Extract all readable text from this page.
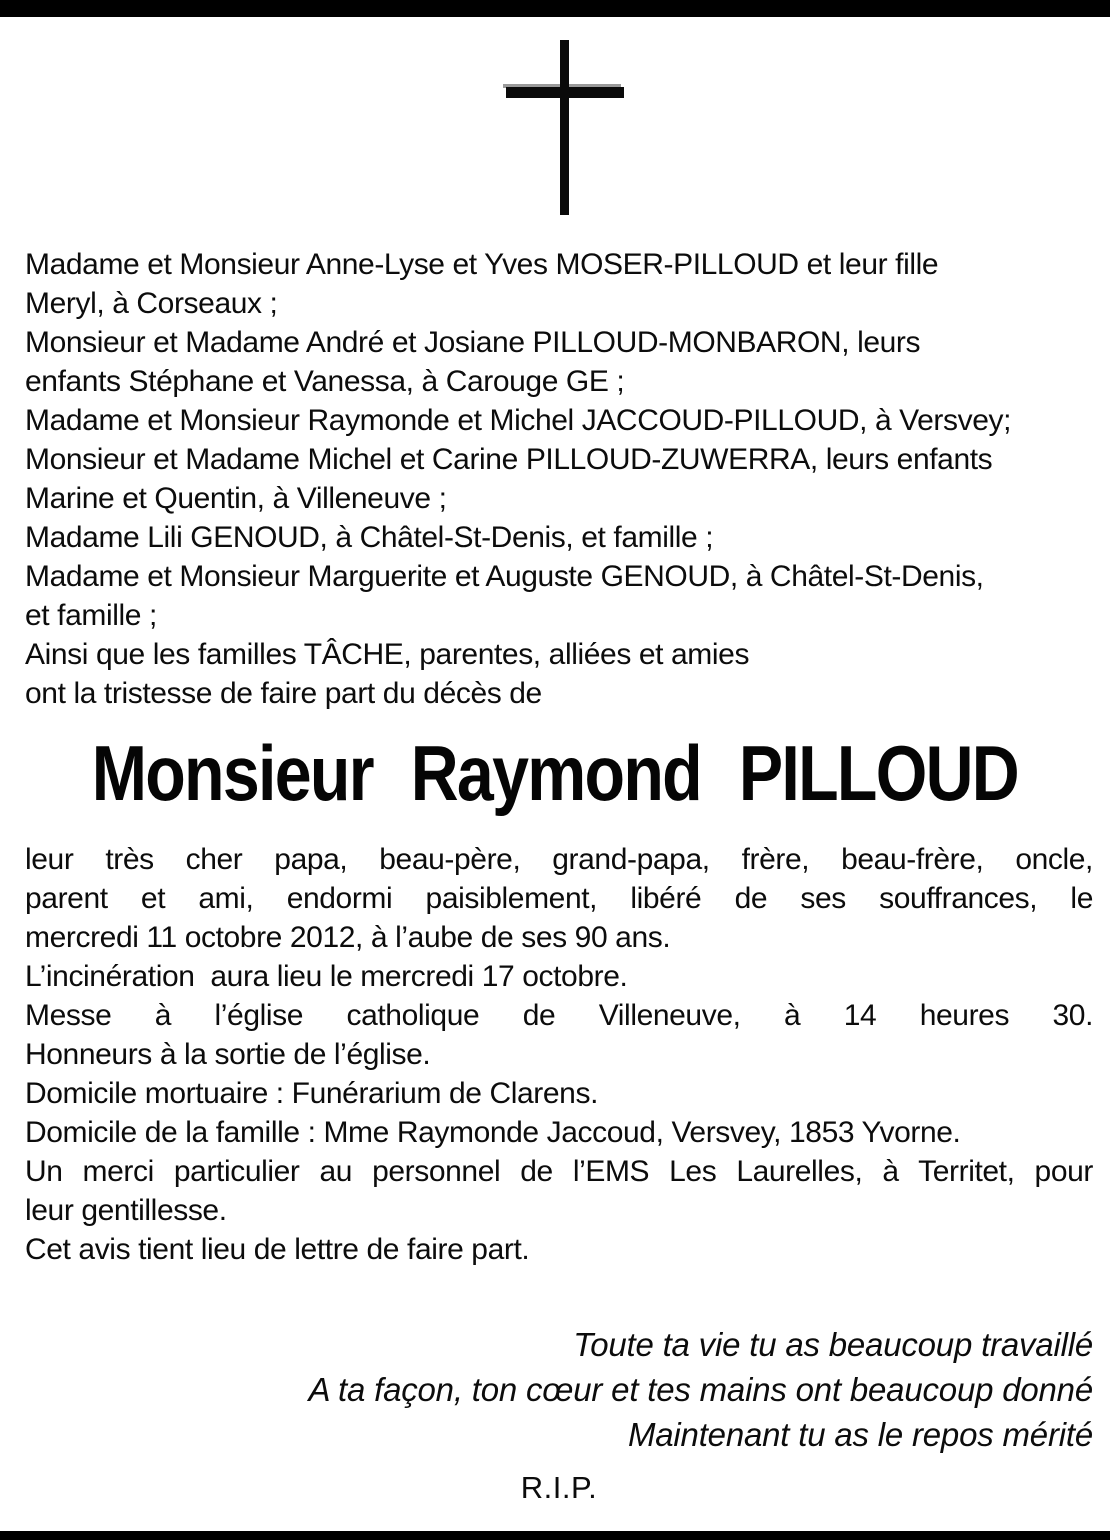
Madame et Monsieur Anne-Lyse et Yves MOSER-PILLOUD et leur fille
Meryl, à Corseaux ;
Monsieur et Madame André et Josiane PILLOUD-MONBARON, leurs
enfants Stéphane et Vanessa, à Carouge GE ;
Madame et Monsieur Raymonde et Michel JACCOUD-PILLOUD, à Versvey;
Monsieur et Madame Michel et Carine PILLOUD-ZUWERRA, leurs enfants
Marine et Quentin, à Villeneuve ;
Madame Lili GENOUD, à Châtel-St-Denis, et famille ;
Madame et Monsieur Marguerite et Auguste GENOUD, à Châtel-St-Denis,
et famille ;
Ainsi que les familles TÂCHE, parentes, alliées et amies
ont la tristesse de faire part du décès de
Monsieur Raymond PILLOUD
leur très cher papa, beau-père, grand-papa, frère, beau-frère, oncle,
parent et ami, endormi paisiblement, libéré de ses souffrances, le
mercredi 11 octobre 2012, à l’aube de ses 90 ans.
L’incinération  aura lieu le mercredi 17 octobre.
Messe à l’église catholique de Villeneuve, à 14 heures 30.
Honneurs à la sortie de l’église.
Domicile mortuaire : Funérarium de Clarens.
Domicile de la famille : Mme Raymonde Jaccoud, Versvey, 1853 Yvorne.
Un merci particulier au personnel de l’EMS Les Laurelles, à Territet, pour
leur gentillesse.
Cet avis tient lieu de lettre de faire part.
Toute ta vie tu as beaucoup travaillé
A ta façon, ton cœur et tes mains ont beaucoup donné
Maintenant tu as le repos mérité
R.I.P.
